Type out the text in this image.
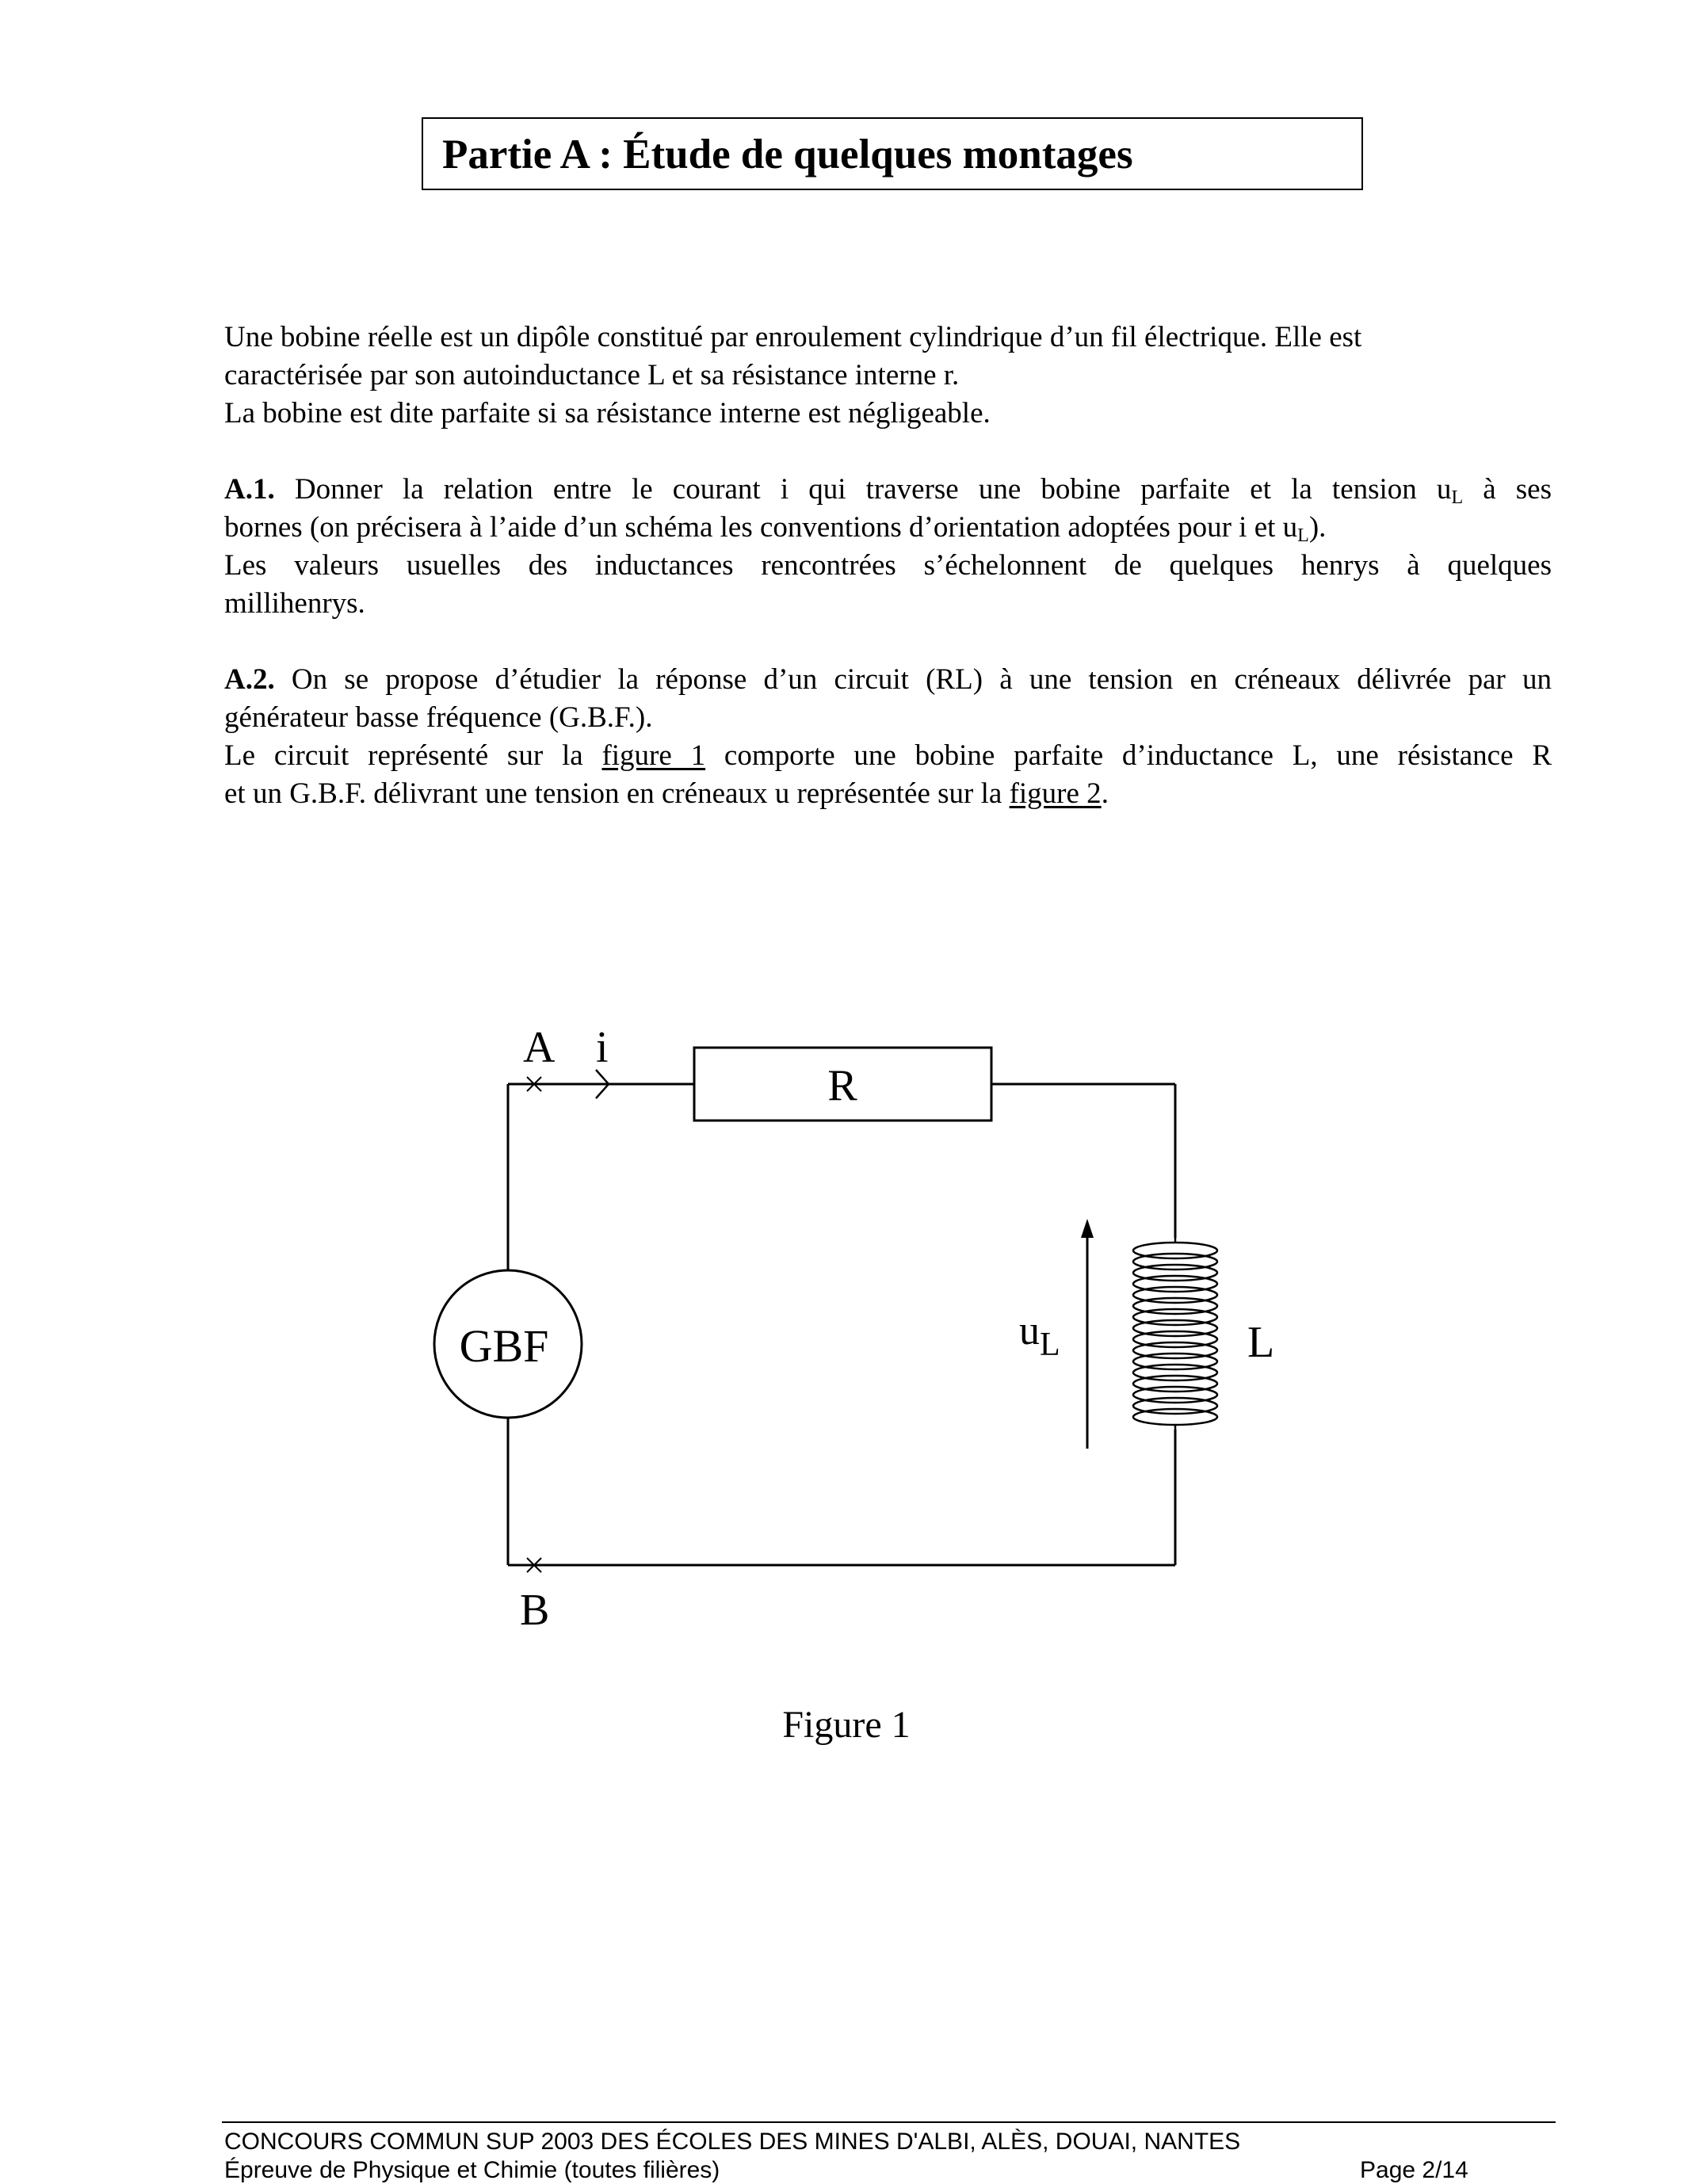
Partie A : Étude de quelques montages
Une bobine réelle est un dipôle constitué par enroulement cylindrique d’un fil électrique. Elle est
caractérisée par son autoinductance L et sa résistance interne r.
La bobine est dite parfaite si sa résistance interne est négligeable.
A.1. Donner la relation entre le courant i qui traverse une bobine parfaite et la tension $u_L$ à ses
bornes (on précisera à l’aide d’un schéma les conventions d’orientation adoptées pour i et $u_L$).
Les valeurs usuelles des inductances rencontrées s’échelonnent de quelques henrys à quelques
millihenrys.
A.2. On se propose d’étudier la réponse d’un circuit (RL) à une tension en créneaux délivrée par un
générateur basse fréquence (G.B.F.).
Le circuit représenté sur la figure 1 comporte une bobine parfaite d’inductance L, une résistance R
et un G.B.F. délivrant une tension en créneaux u représentée sur la figure 2.
A i
R
GBF	$u_L$	L
B
Figure 1
CONCOURS COMMUN SUP 2003 DES ÉCOLES DES MINES D'ALBI, ALÈS, DOUAI, NANTES
Épreuve de Physique et Chimie (toutes filières)	Page 2/14
